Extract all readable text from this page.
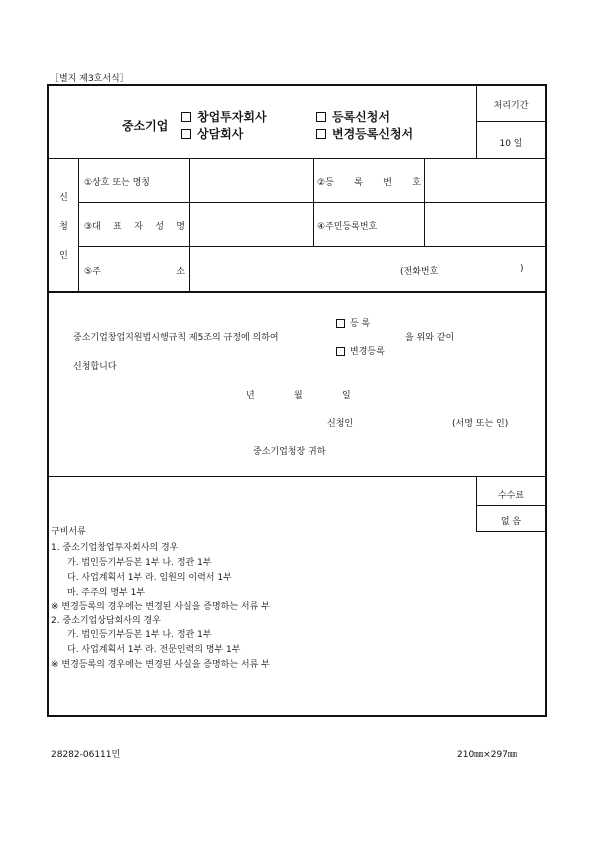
［별지 제3호서식］
중소기업
창업투자회사
상담회사
등록신청서
변경등록신청서
처리기간
10 일
신
청
인
①상호 또는 명칭	②등 록 번 호
③대 표 자 성 명	④주민등록번호
⑤주	소	(전화번호	)
등 록
중소기업창업지원법시행규칙 제5조의 규정에 의하여	을 위와 같이
변경등록
신청합니다
년	월	일
신청인	(서명 또는 인)
중소기업청장 귀하
수수료
없 음
구비서류
1. 중소기업창업투자회사의 경우
가. 법인등기부등본 1부 나. 정관 1부
다. 사업계획서 1부 라. 임원의 이력서 1부
마. 주주의 명부 1부
※ 변경등록의 경우에는 변경된 사실을 증명하는 서류 부
2. 중소기업상담회사의 경우
가. 법인등기부등본 1부 나. 정관 1부
다. 사업계획서 1부 라. 전문인력의 명부 1부
※ 변경등록의 경우에는 변경된 사실을 증명하는 서류 부
28282-06111민	210㎜×297㎜
